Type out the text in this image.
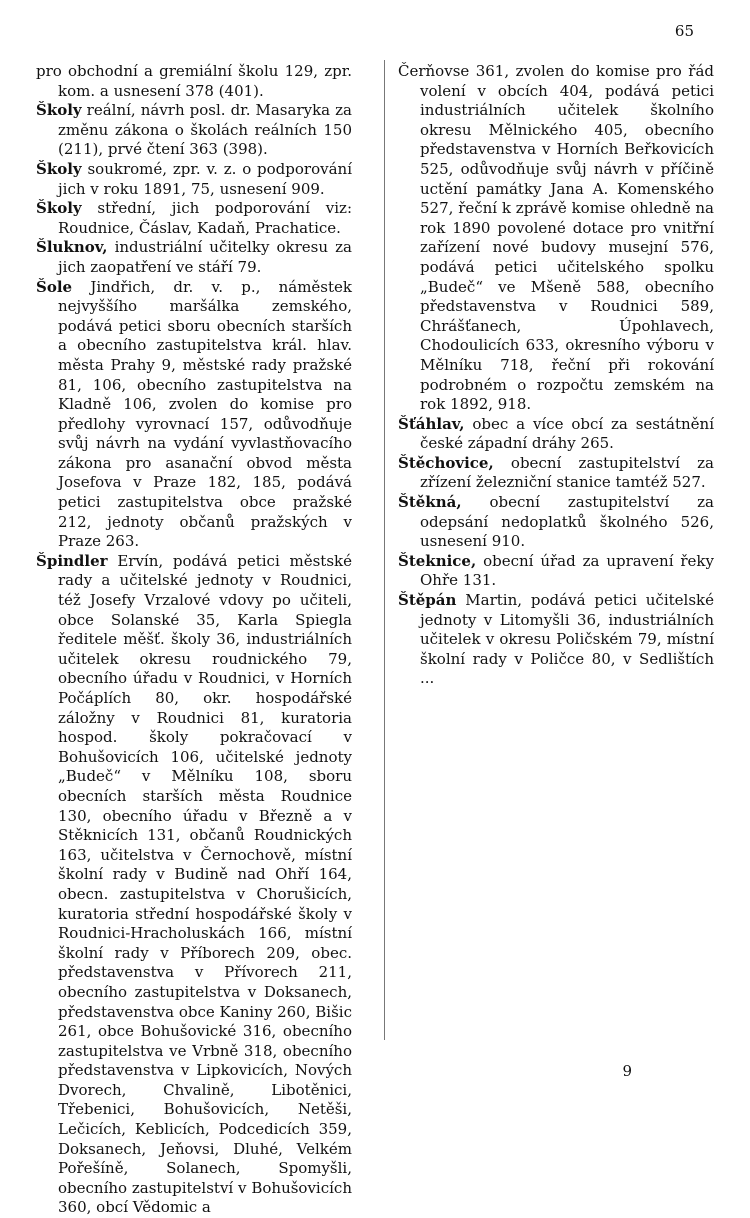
65

pro obchodní a gremiální školu 129, zpr. kom. a usnesení 378 (401).

Školy reální, návrh posl. dr. Masaryka za změnu zákona o školách reálních 150 (211), prvé čtení 363 (398).

Školy soukromé, zpr. v. z. o podporování jich v roku 1891, 75, usnesení 909.

Školy střední, jich podporování viz: Roudnice, Čáslav, Kadaň, Prachatice.

Šluknov, industriální učitelky okresu za jich zaopatření ve stáří 79.

Šole Jindřich, dr. v. p., náměstek nejvyššího maršálka zemského, podává petici sboru obecních starších a obecního zastupitelstva král. hlav. města Prahy 9, městské rady pražské 81, 106, obecního zastupitelstva na Kladně 106, zvolen do komise pro předlohy vyrovnací 157, odůvodňuje svůj návrh na vydání vyvlastňovacího zákona pro asanační obvod města Josefova v Praze 182, 185, podává petici zastupitelstva obce pražské 212, jednoty občanů pražských v Praze 263.

Špindler Ervín, podává petici městské rady a učitelské jednoty v Roudnici, též Josefy Vrzalové vdovy po učiteli, obce Solanské 35, Karla Spiegla ředitele měšť. školy 36, industriálních učitelek okresu roudnického 79, obecního úřadu v Roudnici, v Horních Počáplích 80, okr. hospodářské záložny v Roudnici 81, kuratoria hospod. školy pokračovací v Bohušovicích 106, učitelské jednoty „Budeč“ v Mělníku 108, sboru obecních starších města Roudnice 130, obecního úřadu v Březně a v Stěknicích 131, občanů Roudnických 163, učitelstva v Černochově, místní školní rady v Budině nad Ohří 164, obecn. zastupitelstva v Chorušicích, kuratoria střední hospodářské školy v Roudnici-Hracholuskách 166, místní školní rady v Příborech 209, obec. představenstva v Přívorech 211, obecního zastupitelstva v Doksanech, představenstva obce Kaniny 260, Bišic 261, obce Bohušovické 316, obecního zastupitelstva ve Vrbně 318, obecního představenstva v Lipkovicích, Nových Dvorech, Chvalině, Libotěnici, Třebenici, Bohušovicích, Netěši, Lečicích, Keblicích, Podcedicích 359, Doksanech, Jeňovsi, Dluhé, Velkém Pořešíně, Solanech, Spomyšli, obecního zastupitelství v Bohušovicích 360, obcí Vědomic a

Čerňovse 361, zvolen do komise pro řád volení v obcích 404, podává petici industriálních učitelek školního okresu Mělnického 405, obecního představenstva v Horních Beřkovicích 525, odůvodňuje svůj návrh v příčině uctění památky Jana A. Komenského 527, řeční k zprávě komise ohledně na rok 1890 povolené dotace pro vnitřní zařízení nové budovy musejní 576, podává petici učitelského spolku „Budeč“ ve Mšeně 588, obecního představenstva v Roudnici 589, Chrášťanech, Úpohlavech, Chodoulicích 633, okresního výboru v Mělníku 718, řeční při rokování podrobném o rozpočtu zemském na rok 1892, 918.

Šťáhlav, obec a více obcí za sestátnění české západní dráhy 265.

Štěchovice, obecní zastupitelství za zřízení železniční stanice tamtéž 527.

Štěkná, obecní zastupitelství za odepsání nedoplatků školného 526, usnesení 910.

Šteknice, obecní úřad za upravení řeky Ohře 131.

Štěpán Martin, podává petici učitelské jednoty v Litomyšli 36, industriálních učitelek v okresu Poličském 79, místní školní rady v Poličce 80, v Sedlištích ...

9
